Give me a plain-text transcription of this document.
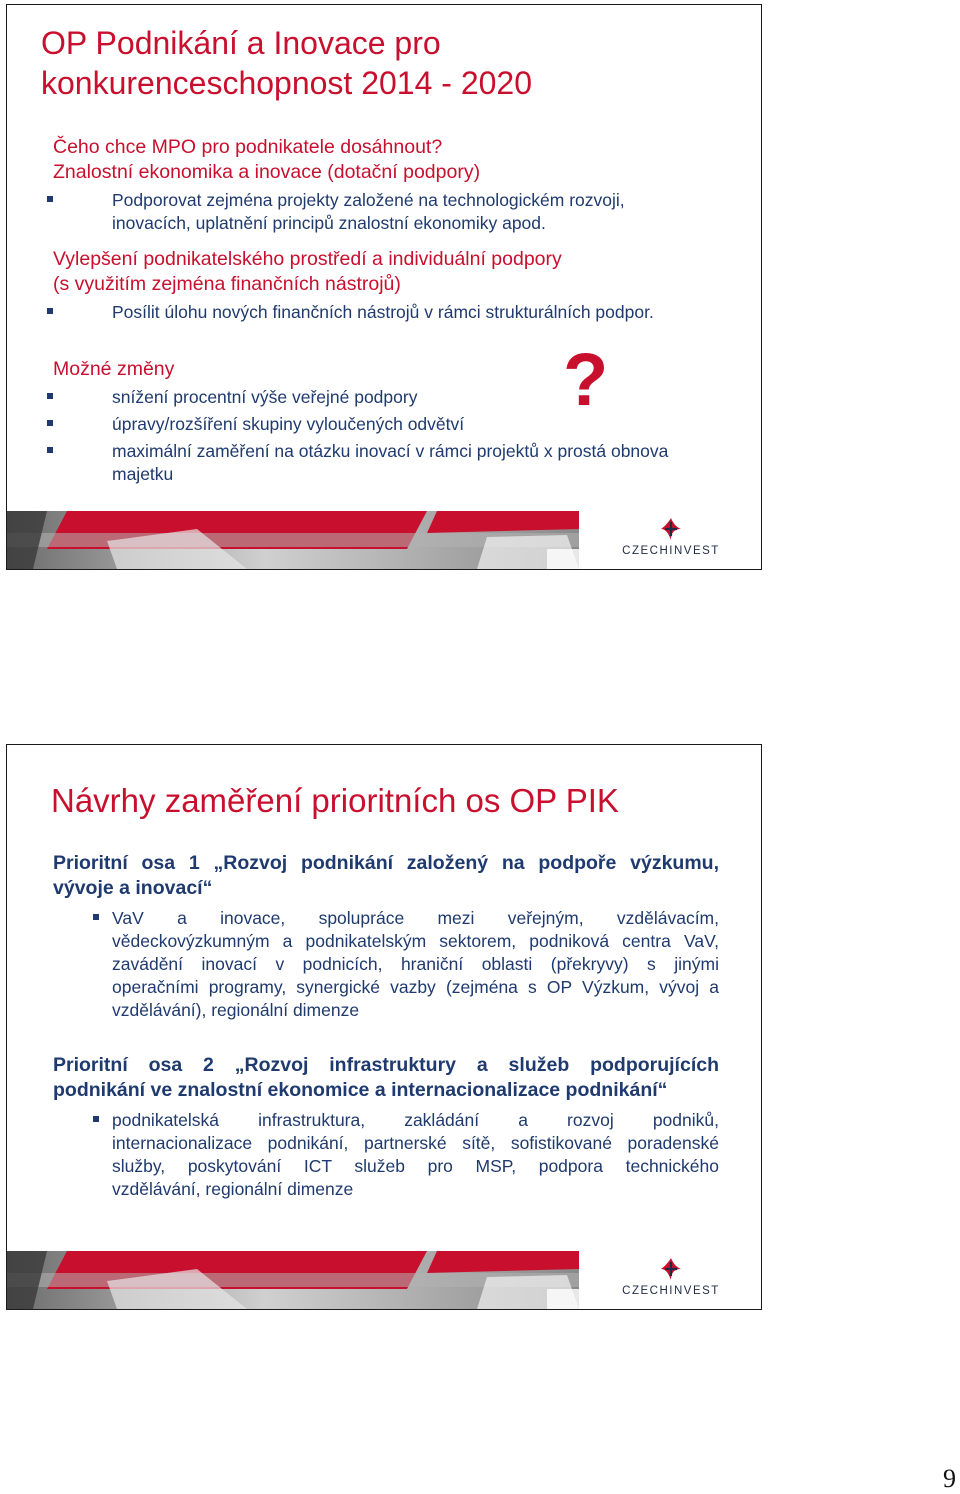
OP Podnikání a Inovace pro
konkurenceschopnost 2014 - 2020
Čeho chce MPO pro podnikatele dosáhnout?
Znalostní ekonomika a inovace (dotační podpory)
Podporovat zejména projekty založené na technologickém rozvoji,
inovacích, uplatnění principů znalostní ekonomiky apod.
Vylepšení podnikatelského prostředí a individuální podpory
(s využitím zejména finančních nástrojů)
Posílit úlohu nových finančních nástrojů v rámci strukturálních podpor.
Možné změny
snížení procentní výše veřejné podpory
úpravy/rozšíření skupiny vyloučených odvětví
maximální zaměření na otázku inovací v rámci projektů x prostá obnova
majetku
?
CZECHINVEST
Návrhy zaměření prioritních os OP PIK
Prioritní osa 1 „Rozvoj podnikání založený na podpoře výzkumu,
vývoje a inovací“
VaV a inovace, spolupráce mezi veřejným, vzdělávacím,
vědeckovýzkumným a podnikatelským sektorem, podniková centra VaV,
zavádění inovací v podnicích, hraniční oblasti (překryvy) s jinými
operačními programy, synergické vazby (zejména s OP Výzkum, vývoj a
vzdělávání), regionální dimenze
Prioritní osa 2 „Rozvoj infrastruktury a služeb podporujících
podnikání ve znalostní ekonomice a internacionalizace podnikání“
podnikatelská infrastruktura, zakládání a rozvoj podniků,
internacionalizace podnikání, partnerské sítě, sofistikované poradenské
služby, poskytování ICT služeb pro MSP, podpora technického
vzdělávání, regionální dimenze
CZECHINVEST
9
